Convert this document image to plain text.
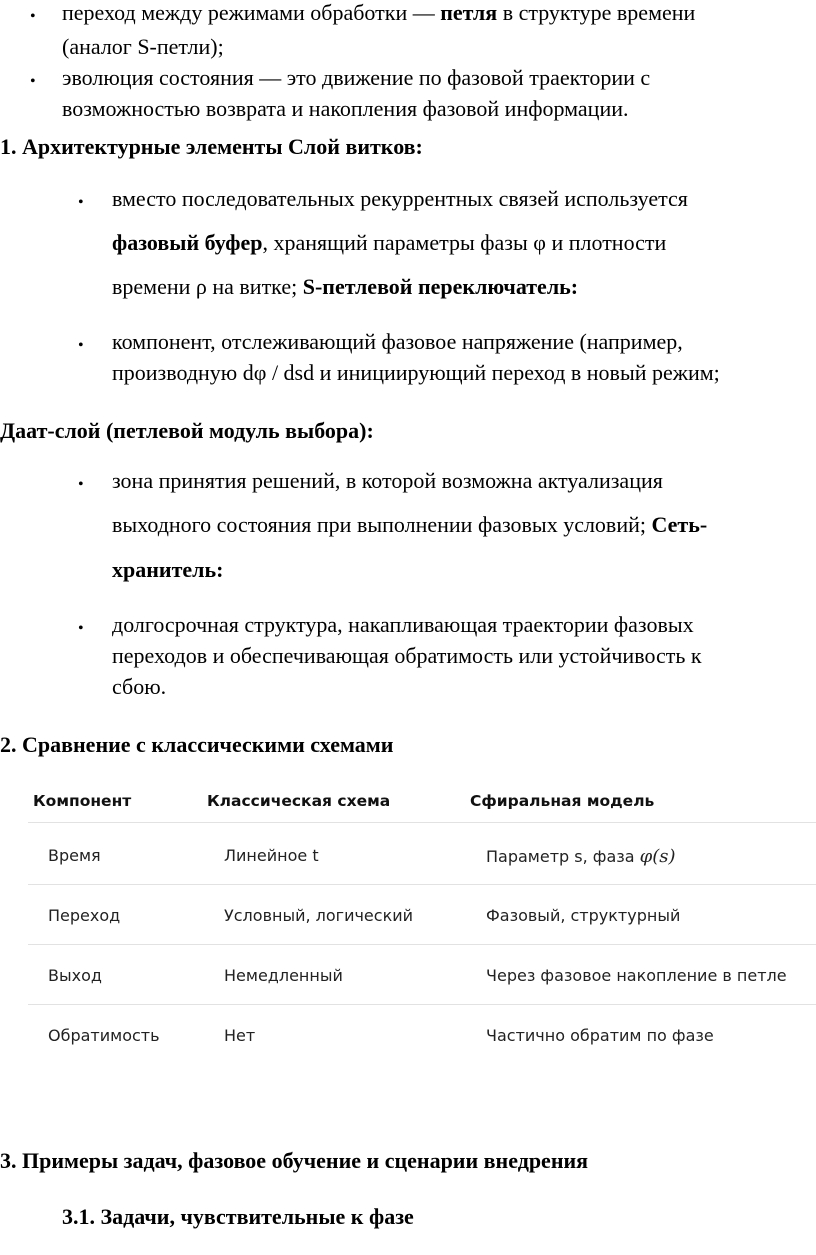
• переход между режимами обработки — петля в структуре времени
(аналог S-петли);
• эволюция состояния — это движение по фазовой траектории с
возможностью возврата и накопления фазовой информации.
1. Архитектурные элементы Слой витков:
• вместо последовательных рекуррентных связей используется
фазовый буфер, хранящий параметры фазы φ и плотности
времени ρ на витке; S-петлевой переключатель:
• компонент, отслеживающий фазовое напряжение (например,
производную dφ / dsd и инициирующий переход в новый режим;
Даат-слой (петлевой модуль выбора):
• зона принятия решений, в которой возможна актуализация
выходного состояния при выполнении фазовых условий; Сеть-
хранитель:
• долгосрочная структура, накапливающая траектории фазовых
переходов и обеспечивающая обратимость или устойчивость к
сбою.
2. Сравнение с классическими схемами
Компонент	Классическая схема	Сфиральная модель
Время	Линейное t	Параметр s, фаза φ(s)
Переход	Условный, логический	Фазовый, структурный
Выход	Немедленный	Через фазовое накопление в петле
Обратимость	Нет	Частично обратим по фазе
3. Примеры задач, фазовое обучение и сценарии внедрения
3.1. Задачи, чувствительные к фазе
